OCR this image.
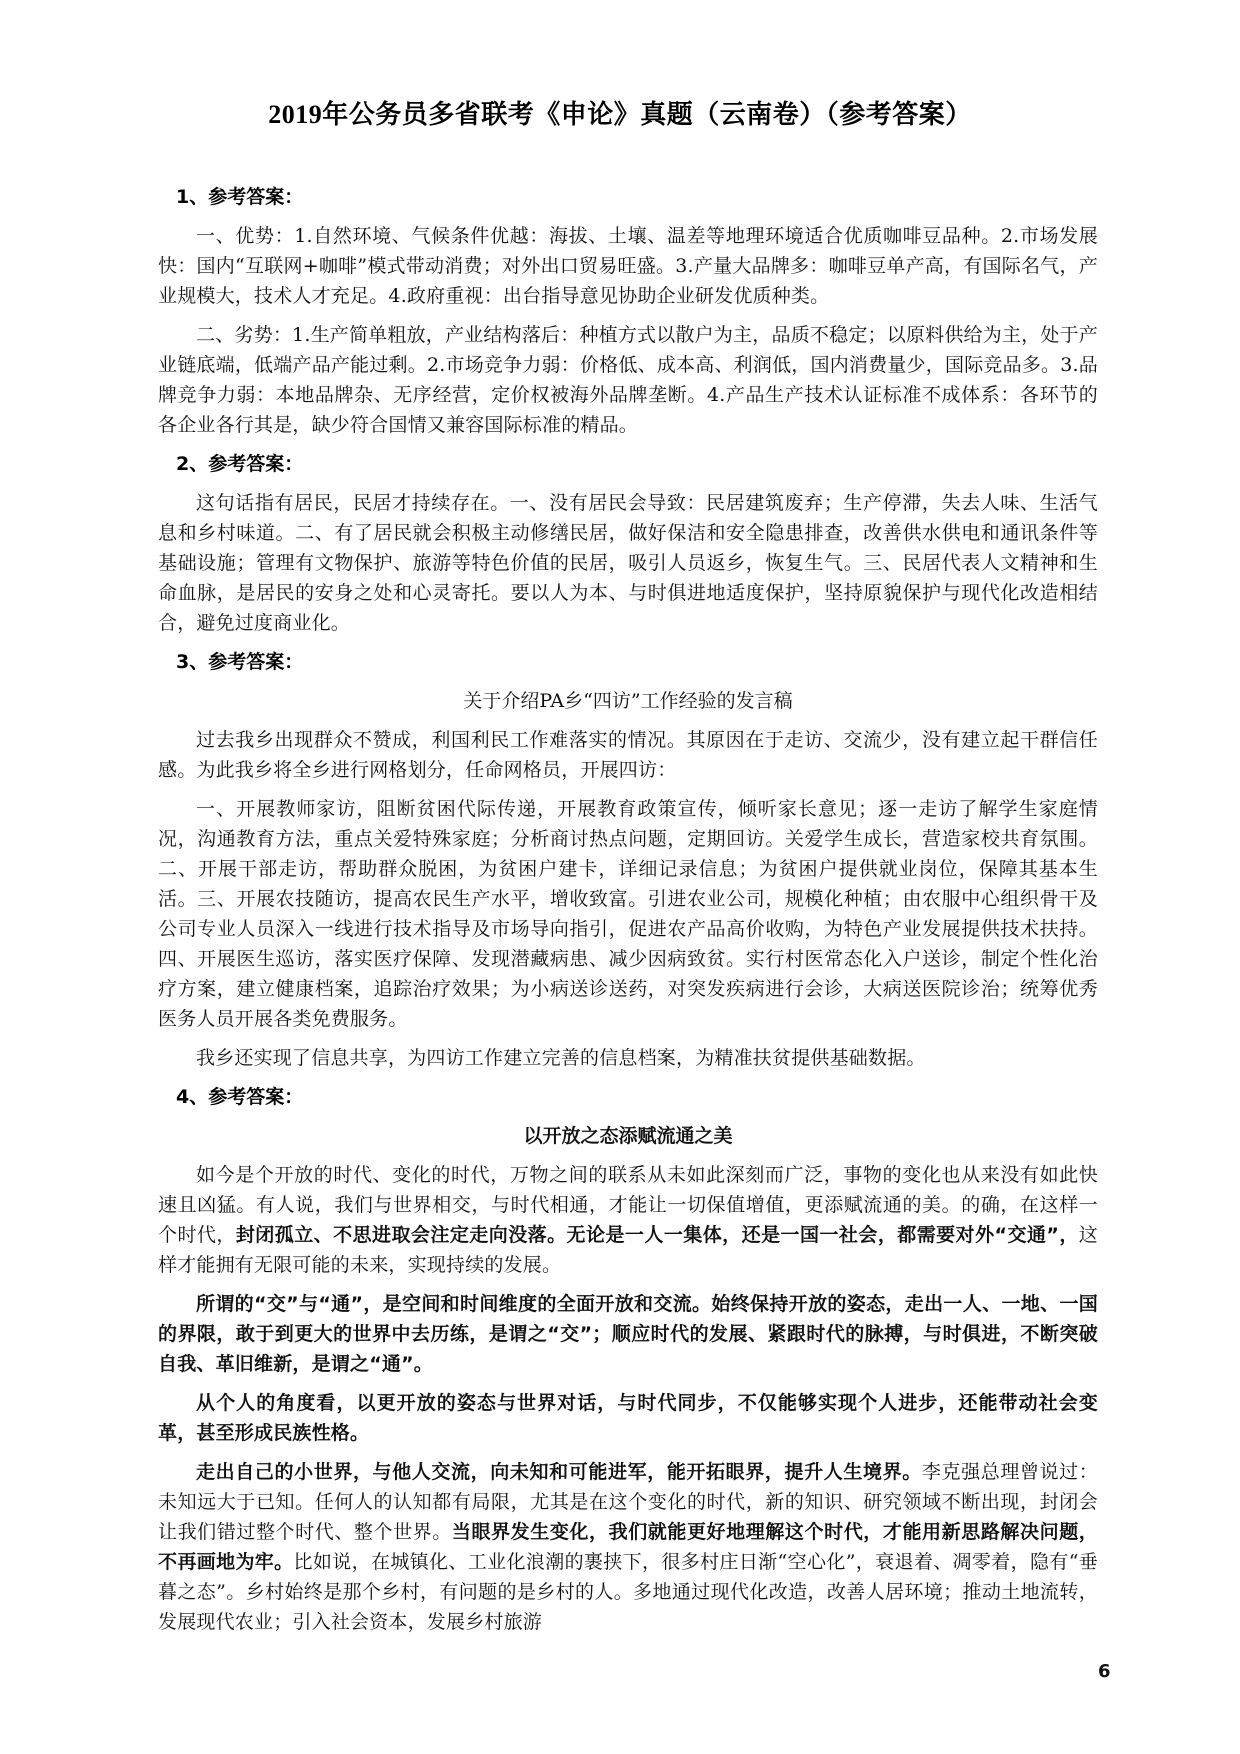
2019年公务员多省联考《申论》真题（云南卷）（参考答案）
1、参考答案：

一、优势：1.自然环境、气候条件优越：海拔、土壤、温差等地理环境适合优质咖啡豆品种。2.市场发展快：国内“互联网+咖啡”模式带动消费；对外出口贸易旺盛。3.产量大品牌多：咖啡豆单产高，有国际名气，产业规模大，技术人才充足。4.政府重视：出台指导意见协助企业研发优质种类。

二、劣势：1.生产简单粗放，产业结构落后：种植方式以散户为主，品质不稳定；以原料供给为主，处于产业链底端，低端产品产能过剩。2.市场竞争力弱：价格低、成本高、利润低，国内消费量少，国际竞品多。3.品牌竞争力弱：本地品牌杂、无序经营，定价权被海外品牌垄断。4.产品生产技术认证标准不成体系：各环节的各企业各行其是，缺少符合国情又兼容国际标准的精品。

2、参考答案：

这句话指有居民，民居才持续存在。一、没有居民会导致：民居建筑废弃；生产停滞，失去人味、生活气息和乡村味道。二、有了居民就会积极主动修缮民居，做好保洁和安全隐患排查，改善供水供电和通讯条件等基础设施；管理有文物保护、旅游等特色价值的民居，吸引人员返乡，恢复生气。三、民居代表人文精神和生命血脉，是居民的安身之处和心灵寄托。要以人为本、与时俱进地适度保护，坚持原貌保护与现代化改造相结合，避免过度商业化。

3、参考答案：
关于介绍PA乡“四访”工作经验的发言稿

过去我乡出现群众不赞成，利国利民工作难落实的情况。其原因在于走访、交流少，没有建立起干群信任感。为此我乡将全乡进行网格划分，任命网格员，开展四访：

一、开展教师家访，阻断贫困代际传递，开展教育政策宣传，倾听家长意见；逐一走访了解学生家庭情况，沟通教育方法，重点关爱特殊家庭；分析商讨热点问题，定期回访。关爱学生成长，营造家校共育氛围。二、开展干部走访，帮助群众脱困，为贫困户建卡，详细记录信息；为贫困户提供就业岗位，保障其基本生活。三、开展农技随访，提高农民生产水平，增收致富。引进农业公司，规模化种植；由农服中心组织骨干及公司专业人员深入一线进行技术指导及市场导向指引，促进农产品高价收购，为特色产业发展提供技术扶持。四、开展医生巡访，落实医疗保障、发现潜藏病患、减少因病致贫。实行村医常态化入户送诊，制定个性化治疗方案，建立健康档案，追踪治疗效果；为小病送诊送药，对突发疾病进行会诊，大病送医院诊治；统筹优秀医务人员开展各类免费服务。

我乡还实现了信息共享，为四访工作建立完善的信息档案，为精准扶贫提供基础数据。

4、参考答案：
以开放之态添赋流通之美

如今是个开放的时代、变化的时代，万物之间的联系从未如此深刻而广泛，事物的变化也从来没有如此快速且凶猛。有人说，我们与世界相交，与时代相通，才能让一切保值增值，更添赋流通的美。的确，在这样一个时代，封闭孤立、不思进取会注定走向没落。无论是一人一集体，还是一国一社会，都需要对外“交通”，这样才能拥有无限可能的未来，实现持续的发展。

所谓的“交”与“通”，是空间和时间维度的全面开放和交流。始终保持开放的姿态，走出一人、一地、一国的界限，敢于到更大的世界中去历练，是谓之“交”；顺应时代的发展、紧跟时代的脉搏，与时俱进，不断突破自我、革旧维新，是谓之“通”。

从个人的角度看，以更开放的姿态与世界对话，与时代同步，不仅能够实现个人进步，还能带动社会变革，甚至形成民族性格。

走出自己的小世界，与他人交流，向未知和可能进军，能开拓眼界，提升人生境界。李克强总理曾说过：未知远大于已知。任何人的认知都有局限，尤其是在这个变化的时代，新的知识、研究领域不断出现，封闭会让我们错过整个时代、整个世界。当眼界发生变化，我们就能更好地理解这个时代，才能用新思路解决问题，不再画地为牢。比如说，在城镇化、工业化浪潮的裹挟下，很多村庄日渐“空心化”，衰退着、凋零着，隐有“垂暮之态”。乡村始终是那个乡村，有问题的是乡村的人。多地通过现代化改造，改善人居环境；推动土地流转，发展现代农业；引入社会资本，发展乡村旅游

6
